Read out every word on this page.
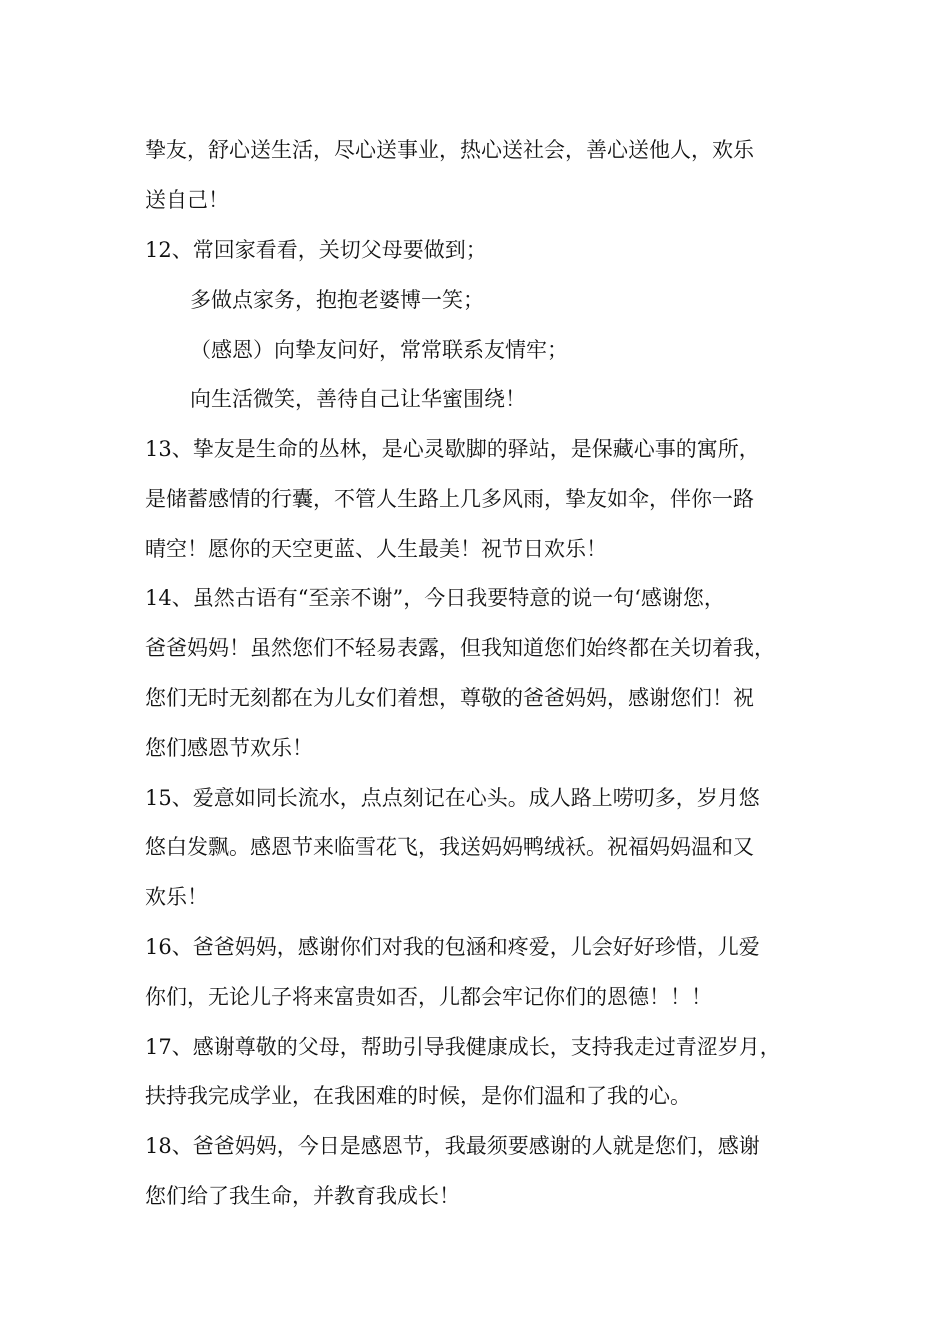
挚友，舒心送生活，尽心送事业，热心送社会，善心送他人，欢乐
送自己！
12、常回家看看，关切父母要做到；
多做点家务，抱抱老婆博一笑；
（感恩）向挚友问好，常常联系友情牢；
向生活微笑，善待自己让华蜜围绕！
13、挚友是生命的丛林，是心灵歇脚的驿站，是保藏心事的寓所，
是储蓄感情的行囊，不管人生路上几多风雨，挚友如伞，伴你一路
晴空！愿你的天空更蓝、人生最美！祝节日欢乐！
14、虽然古语有“至亲不谢”，今日我要特意的说一句‘感谢您，
爸爸妈妈！虽然您们不轻易表露，但我知道您们始终都在关切着我，
您们无时无刻都在为儿女们着想，尊敬的爸爸妈妈，感谢您们！祝
您们感恩节欢乐！
15、爱意如同长流水，点点刻记在心头。成人路上唠叨多，岁月悠
悠白发飘。感恩节来临雪花飞，我送妈妈鸭绒袄。祝福妈妈温和又
欢乐！
16、爸爸妈妈，感谢你们对我的包涵和疼爱，儿会好好珍惜，儿爱
你们，无论儿子将来富贵如否，儿都会牢记你们的恩德！！！
17、感谢尊敬的父母，帮助引导我健康成长，支持我走过青涩岁月，
扶持我完成学业，在我困难的时候，是你们温和了我的心。
18、爸爸妈妈，今日是感恩节，我最须要感谢的人就是您们，感谢
您们给了我生命，并教育我成长！
